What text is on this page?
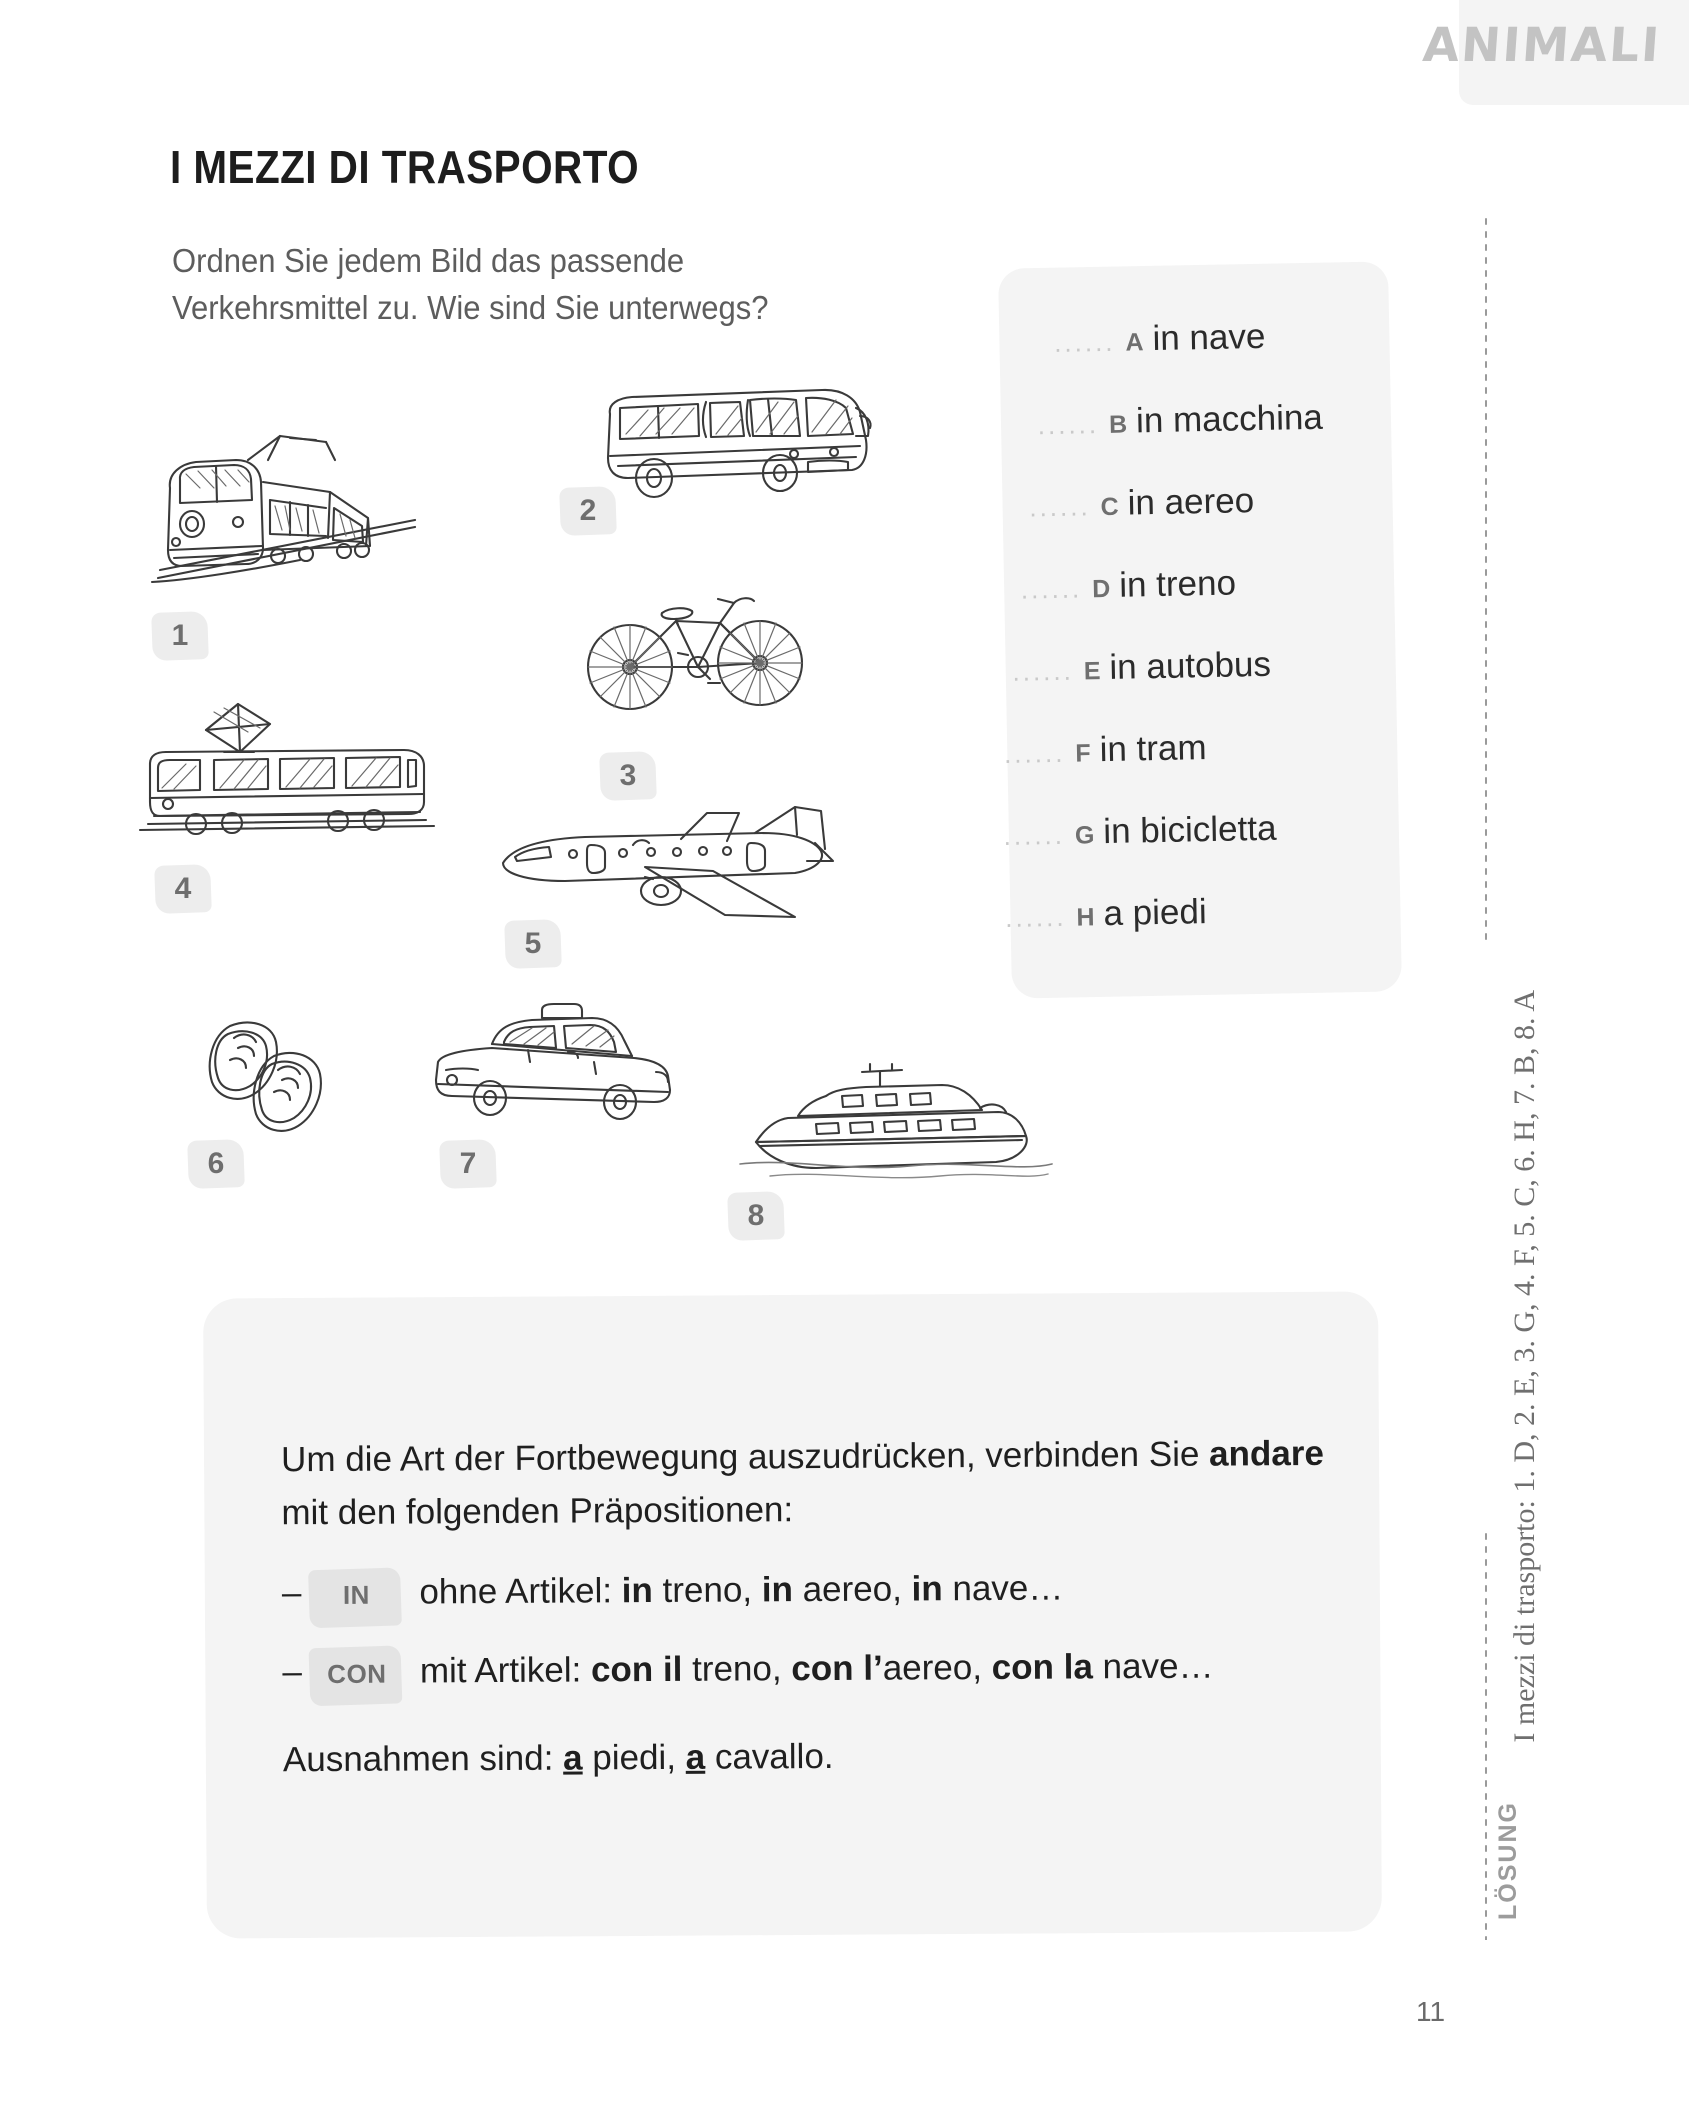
ANIMALI
I MEZZI DI TRASPORTO
Ordnen Sie jedem Bild das passende Verkehrsmittel zu. Wie sind Sie unterwegs?
...... A in nave
...... B in macchina
...... C in aereo
...... D in treno
...... E in autobus
...... F in tram
...... G in bicicletta
...... H a piedi
1
2
3
4
5
6	7
8
Um die Art der Fortbewegung auszudrücken, verbinden Sie andare mit den folgenden Präpositionen:
– IN ohne Artikel: in treno, in aereo, in nave…
– CON mit Artikel: con il treno, con l’aereo, con la nave…
Ausnahmen sind: a piedi, a cavallo.
I mezzi di trasporto: 1. D, 2. E, 3. G, 4. F, 5. C, 6. H, 7. B, 8. A
LÖSUNG
11
